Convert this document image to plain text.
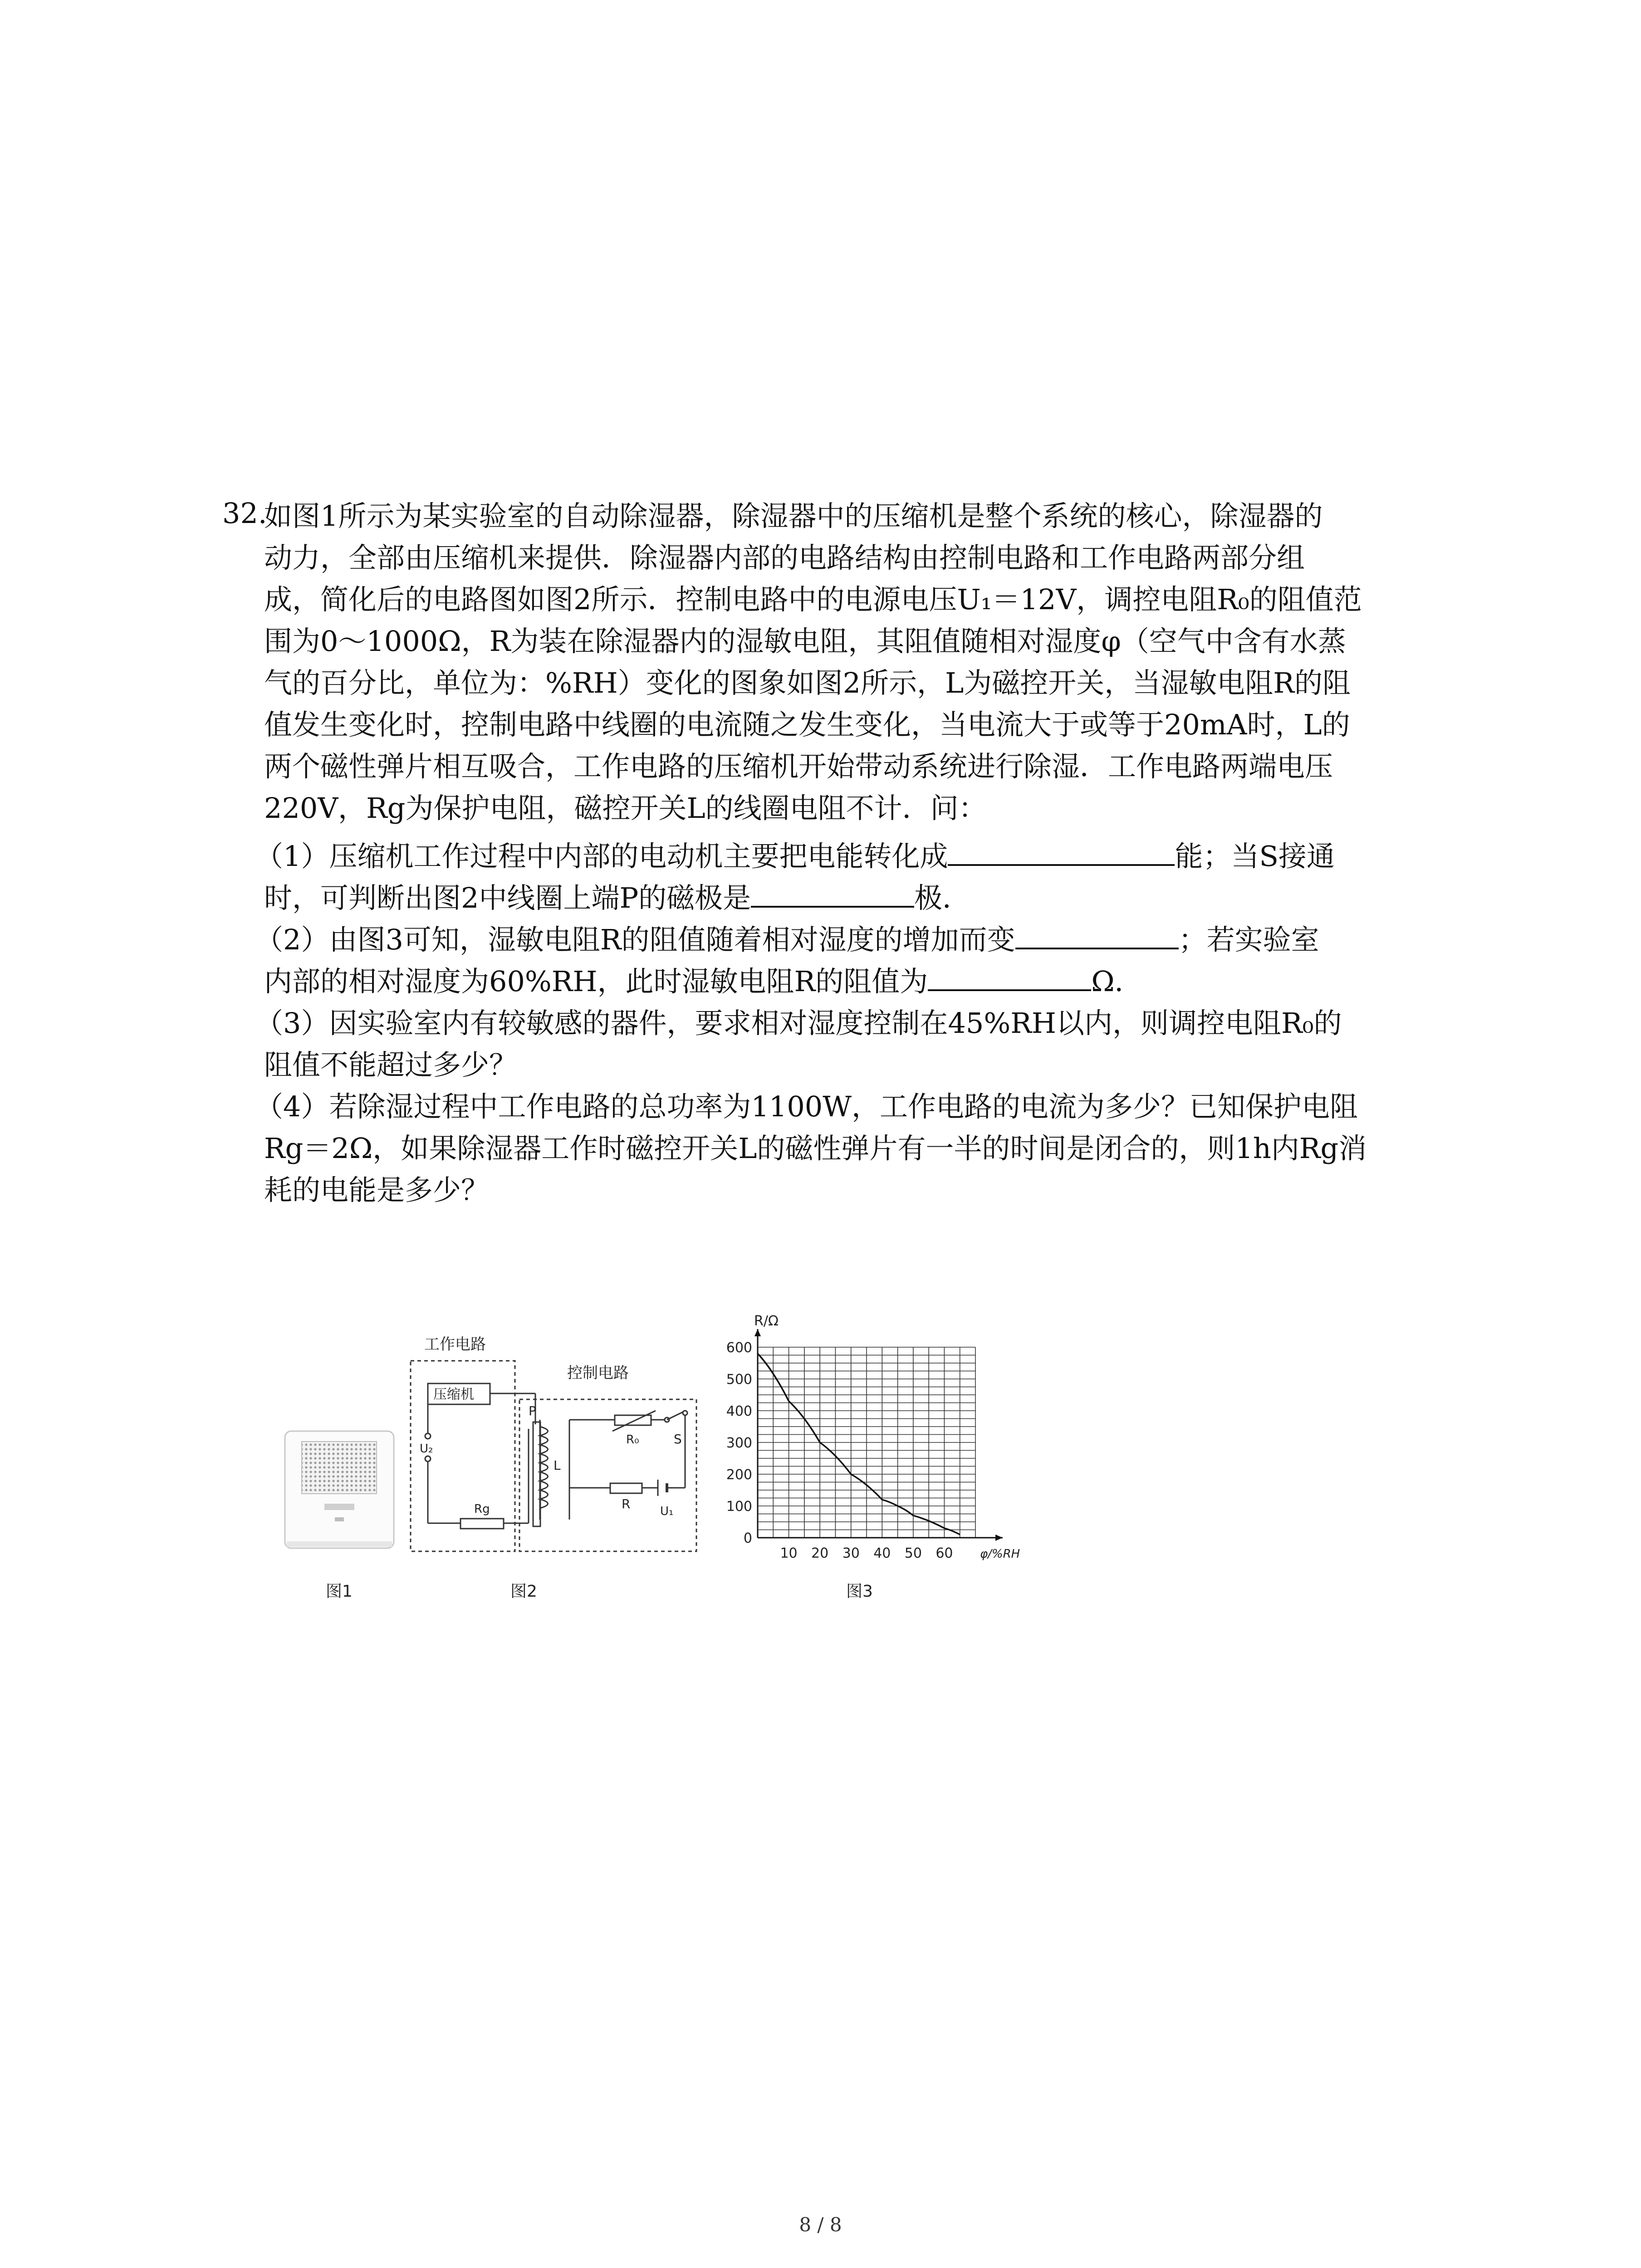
32.
如图1所示为某实验室的自动除湿器，除湿器中的压缩机是整个系统的核心，除湿器的
动力，全部由压缩机来提供．除湿器内部的电路结构由控制电路和工作电路两部分组
成，简化后的电路图如图2所示．控制电路中的电源电压U₁＝12V，调控电阻R₀的阻值范
围为0～1000Ω，R为装在除湿器内的湿敏电阻，其阻值随相对湿度φ（空气中含有水蒸
气的百分比，单位为：%RH）变化的图象如图2所示，L为磁控开关，当湿敏电阻R的阻
值发生变化时，控制电路中线圈的电流随之发生变化，当电流大于或等于20mA时，L的
两个磁性弹片相互吸合，工作电路的压缩机开始带动系统进行除湿．工作电路两端电压
220V，Rg为保护电阻，磁控开关L的线圈电阻不计．问：
（1）压缩机工作过程中内部的电动机主要把电能转化成	能；当S接通
时，可判断出图2中线圈上端P的磁极是	极．
（2）由图3可知，湿敏电阻R的阻值随着相对湿度的增加而变	；若实验室
内部的相对湿度为60%RH，此时湿敏电阻R的阻值为	Ω．
（3）因实验室内有较敏感的器件，要求相对湿度控制在45%RH以内，则调控电阻R₀的
阻值不能超过多少？
（4）若除湿过程中工作电路的总功率为1100W，工作电路的电流为多少？已知保护电阻
Rg＝2Ω，如果除湿器工作时磁控开关L的磁性弹片有一半的时间是闭合的，则1h内Rg消
耗的电能是多少？
图1
压缩机
U₂
Rg
P
L
R₀	S
R	U₁
工作电路
控制电路
图2
0
100
200
300
400
500
600
10 20 30 40 50 60
R/Ω
φ/%RH
图3
8 / 8
